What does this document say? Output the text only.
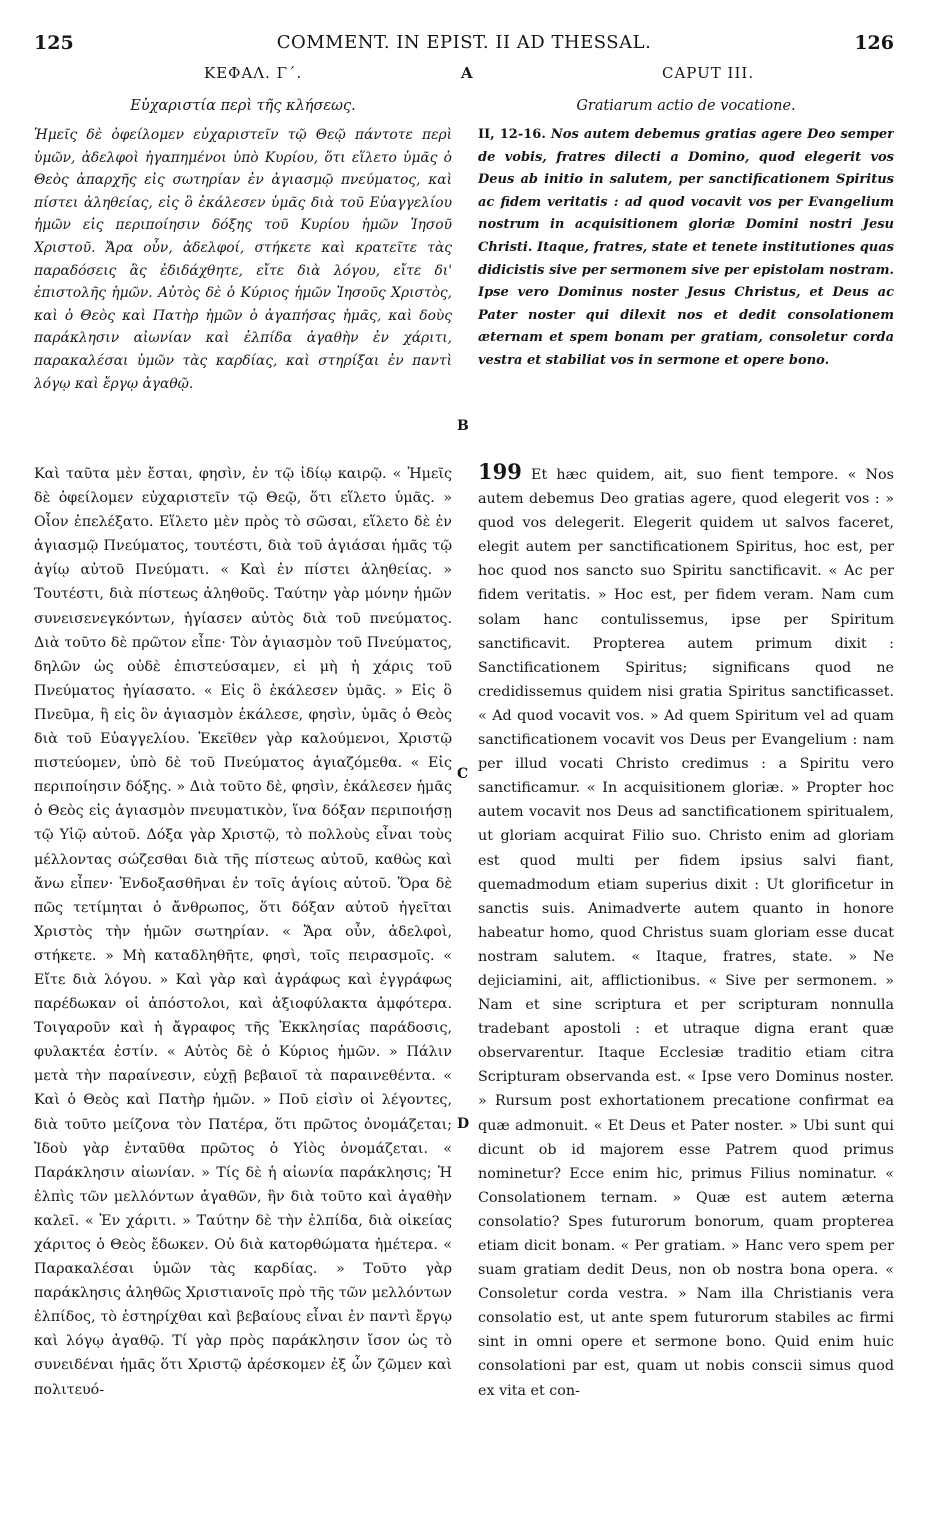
125	COMMENT. IN EPIST. II AD THESSAL.	126
ΚΕΦΑΛ. Γ΄.	A	CAPUT III.
Εὐχαριστία περὶ τῆς κλήσεως.	Gratiarum actio de vocatione.
Ἡμεῖς δὲ ὀφείλομεν εὐχαριστεῖν τῷ Θεῷ πάντοτε περὶ ὑμῶν, ἀδελφοὶ ἠγαπημένοι ὑπὸ Κυρίου, ὅτι εἵλετο ὑμᾶς ὁ Θεὸς ἀπαρχῆς εἰς σωτηρίαν ἐν ἁγιασμῷ πνεύματος, καὶ πίστει ἀληθείας, εἰς ὃ ἐκάλεσεν ὑμᾶς διὰ τοῦ Εὐαγγελίου ἡμῶν εἰς περιποίησιν δόξης τοῦ Κυρίου ἡμῶν Ἰησοῦ Χριστοῦ. Ἄρα οὖν, ἀδελφοί, στήκετε καὶ κρατεῖτε τὰς παραδόσεις ἃς ἐδιδάχθητε, εἴτε διὰ λόγου, εἴτε δι' ἐπιστολῆς ἡμῶν. Αὐτὸς δὲ ὁ Κύριος ἡμῶν Ἰησοῦς Χριστὸς, καὶ ὁ Θεὸς καὶ Πατὴρ ἡμῶν ὁ ἀγαπήσας ἡμᾶς, καὶ δοὺς παράκλησιν αἰωνίαν καὶ ἐλπίδα ἀγαθὴν ἐν χάριτι, παρακαλέσαι ὑμῶν τὰς καρδίας, καὶ στηρίξαι ἐν παντὶ λόγῳ καὶ ἔργῳ ἀγαθῷ.
II, 12-16. Nos autem debemus gratias agere Deo semper de vobis, fratres dilecti a Domino, quod elegerit vos Deus ab initio in salutem, per sanctificationem Spiritus ac fidem veritatis : ad quod vocavit vos per Evangelium nostrum in acquisitionem gloriæ Domini nostri Jesu Christi. Itaque, fratres, state et tenete institutiones quas didicistis sive per sermonem sive per epistolam nostram. Ipse vero Dominus noster Jesus Christus, et Deus ac Pater noster qui dilexit nos et dedit consolationem æternam et spem bonam per gratiam, consoletur corda vestra et stabiliat vos in sermone et opere bono.
Καὶ ταῦτα μὲν ἔσται, φησὶν, ἐν τῷ ἰδίῳ καιρῷ. « Ἡμεῖς δὲ ὀφείλομεν εὐχαριστεῖν τῷ Θεῷ, ὅτι εἵλετο ὑμᾶς. » Οἷον ἐπελέξατο. Εἵλετο μὲν πρὸς τὸ σῶσαι, εἵλετο δὲ ἐν ἁγιασμῷ Πνεύματος, τουτέστι, διὰ τοῦ ἁγιάσαι ἡμᾶς τῷ ἁγίῳ αὐτοῦ Πνεύματι. « Καὶ ἐν πίστει ἀληθείας. » Τουτέστι, διὰ πίστεως ἀληθοῦς. Ταύτην γὰρ μόνην ἡμῶν συνεισενεγκόντων, ἡγίασεν αὐτὸς διὰ τοῦ πνεύματος. Διὰ τοῦτο δὲ πρῶτον εἶπε· Τὸν ἁγιασμὸν τοῦ Πνεύματος, δηλῶν ὡς οὐδὲ ἐπιστεύσαμεν, εἰ μὴ ἡ χάρις τοῦ Πνεύματος ἡγίασατο. « Εἰς ὃ ἐκάλεσεν ὑμᾶς. » Εἰς ὃ Πνεῦμα, ἢ εἰς ὃν ἁγιασμὸν ἐκάλεσε, φησὶν, ὑμᾶς ὁ Θεὸς διὰ τοῦ Εὐαγγελίου. Ἐκεῖθεν γὰρ καλούμενοι, Χριστῷ πιστεύομεν, ὑπὸ δὲ τοῦ Πνεύματος ἁγιαζόμεθα. « Εἰς περιποίησιν δόξης. » Διὰ τοῦτο δὲ, φησὶν, ἐκάλεσεν ἡμᾶς ὁ Θεὸς εἰς ἁγιασμὸν πνευματικὸν, ἵνα δόξαν περιποιήσῃ τῷ Υἱῷ αὐτοῦ. Δόξα γὰρ Χριστῷ, τὸ πολλοὺς εἶναι τοὺς μέλλοντας σώζεσθαι διὰ τῆς πίστεως αὐτοῦ, καθὼς καὶ ἄνω εἶπεν· Ἐνδοξασθῆναι ἐν τοῖς ἁγίοις αὐτοῦ. Ὅρα δὲ πῶς τετίμηται ὁ ἄνθρωπος, ὅτι δόξαν αὐτοῦ ἡγεῖται Χριστὸς τὴν ἡμῶν σωτηρίαν. « Ἄρα οὖν, ἀδελφοὶ, στήκετε. » Μὴ καταδληθῆτε, φησὶ, τοῖς πειρασμοῖς. « Εἴτε διὰ λόγου. » Καὶ γὰρ καὶ ἀγράφως καὶ ἐγγράφως παρέδωκαν οἱ ἀπόστολοι, καὶ ἀξιοφύλακτα ἀμφότερα. Τοιγαροῦν καὶ ἡ ἄγραφος τῆς Ἐκκλησίας παράδοσις, φυλακτέα ἐστίν. « Αὐτὸς δὲ ὁ Κύριος ἡμῶν. » Πάλιν μετὰ τὴν παραίνεσιν, εὐχῇ βεβαιοῖ τὰ παραινεθέντα. « Καὶ ὁ Θεὸς καὶ Πατὴρ ἡμῶν. » Ποῦ εἰσὶν οἱ λέγοντες, διὰ τοῦτο μείζονα τὸν Πατέρα, ὅτι πρῶτος ὀνομάζεται; Ἰδοὺ γὰρ ἐνταῦθα πρῶτος ὁ Υἱὸς ὀνομάζεται. « Παράκλησιν αἰωνίαν. » Τίς δὲ ἡ αἰωνία παράκλησις; Ἡ ἐλπὶς τῶν μελλόντων ἀγαθῶν, ἣν διὰ τοῦτο καὶ ἀγαθὴν καλεῖ. « Ἐν χάριτι. » Ταύτην δὲ τὴν ἐλπίδα, διὰ οἰκείας χάριτος ὁ Θεὸς ἔδωκεν. Οὐ διὰ κατορθώματα ἡμέτερα. « Παρακαλέσαι ὑμῶν τὰς καρδίας. » Τοῦτο γὰρ παράκλησις ἀληθῶς Χριστιανοῖς πρὸ τῆς τῶν μελλόντων ἐλπίδος, τὸ ἑστηρίχθαι καὶ βεβαίους εἶναι ἐν παντὶ ἔργῳ καὶ λόγῳ ἀγαθῷ. Τί γὰρ πρὸς παράκλησιν ἴσον ὡς τὸ συνειδέναι ἡμᾶς ὅτι Χριστῷ ἀρέσκομεν ἐξ ὧν ζῶμεν καὶ πολιτευό-
199 Et hæc quidem, ait, suo fient tempore. « Nos autem debemus Deo gratias agere, quod elegerit vos : » quod vos delegerit. Elegerit quidem ut salvos faceret, elegit autem per sanctificationem Spiritus, hoc est, per hoc quod nos sancto suo Spiritu sanctificavit. « Ac per fidem veritatis. » Hoc est, per fidem veram. Nam cum solam hanc contulissemus, ipse per Spiritum sanctificavit. Propterea autem primum dixit : Sanctificationem Spiritus; significans quod ne credidissemus quidem nisi gratia Spiritus sanctificasset. « Ad quod vocavit vos. » Ad quem Spiritum vel ad quam sanctificationem vocavit vos Deus per Evangelium : nam per illud vocati Christo credimus : a Spiritu vero sanctificamur. « In acquisitionem gloriæ. » Propter hoc autem vocavit nos Deus ad sanctificationem spiritualem, ut gloriam acquirat Filio suo. Christo enim ad gloriam est quod multi per fidem ipsius salvi fiant, quemadmodum etiam superius dixit : Ut glorificetur in sanctis suis. Animadverte autem quanto in honore habeatur homo, quod Christus suam gloriam esse ducat nostram salutem. « Itaque, fratres, state. » Ne dejiciamini, ait, afflictionibus. « Sive per sermonem. » Nam et sine scriptura et per scripturam nonnulla tradebant apostoli : et utraque digna erant quæ observarentur. Itaque Ecclesiæ traditio etiam citra Scripturam observanda est. « Ipse vero Dominus noster. » Rursum post exhortationem precatione confirmat ea quæ admonuit. « Et Deus et Pater noster. » Ubi sunt qui dicunt ob id majorem esse Patrem quod primus nominetur? Ecce enim hic, primus Filius nominatur. « Consolationem ternam. » Quæ est autem æterna consolatio? Spes futurorum bonorum, quam propterea etiam dicit bonam. « Per gratiam. » Hanc vero spem per suam gratiam dedit Deus, non ob nostra bona opera. « Consoletur corda vestra. » Nam illa Christianis vera consolatio est, ut ante spem futurorum stabiles ac firmi sint in omni opere et sermone bono. Quid enim huic consolationi par est, quam ut nobis conscii simus quod ex vita et con-
B
C
D
